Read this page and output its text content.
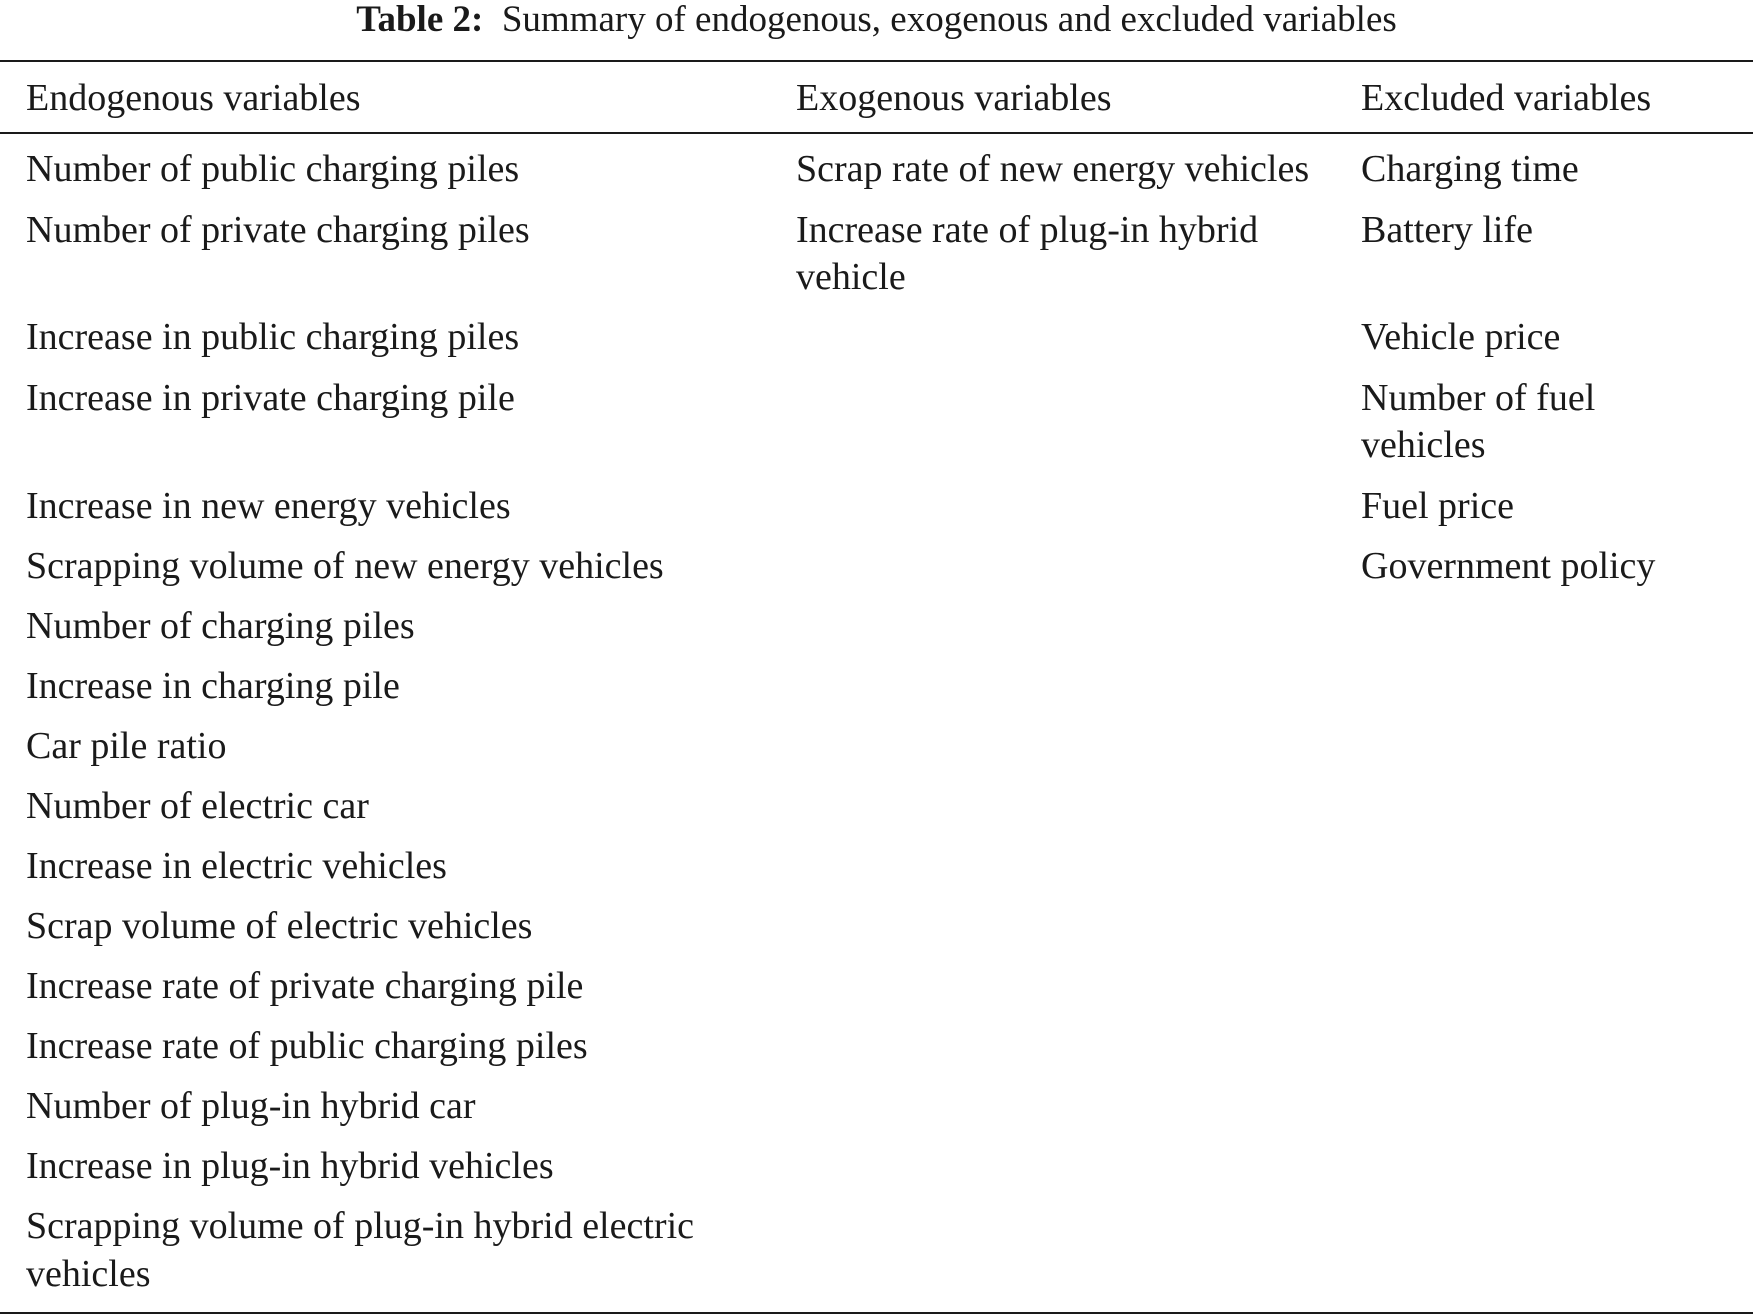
Table 2: Summary of endogenous, exogenous and excluded variables
Endogenous variables	Exogenous variables	Excluded variables
Number of public charging piles
Number of private charging piles
Increase in public charging piles
Increase in private charging pile
Increase in new energy vehicles
Scrapping volume of new energy vehicles
Number of charging piles
Increase in charging pile
Car pile ratio
Number of electric car
Increase in electric vehicles
Scrap volume of electric vehicles
Increase rate of private charging pile
Increase rate of public charging piles
Number of plug-in hybrid car
Increase in plug-in hybrid vehicles
Scrapping volume of plug-in hybrid electric
vehicles
Scrap rate of new energy vehicles
Increase rate of plug-in hybrid
vehicle
Charging time
Battery life
Vehicle price
Number of fuel
vehicles
Fuel price
Government policy
